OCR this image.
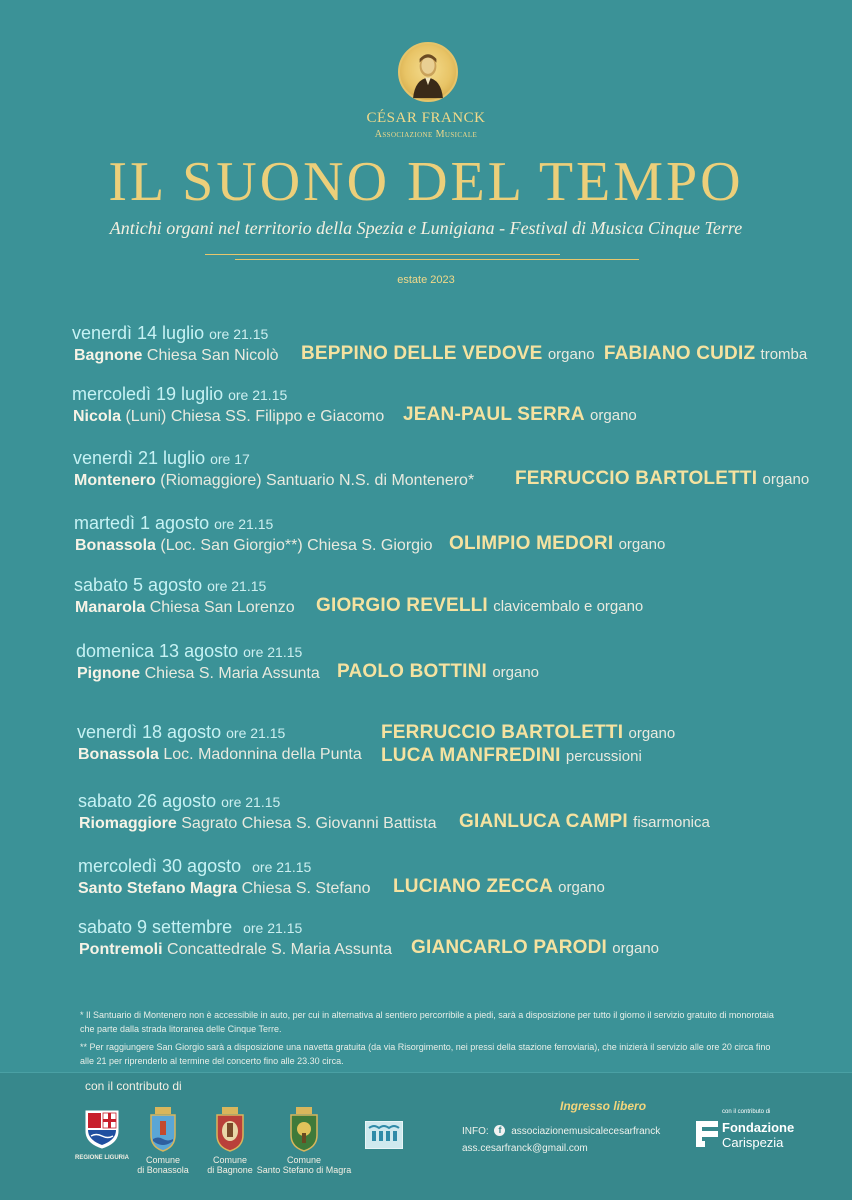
CÉSAR FRANCK
Associazione Musicale
IL SUONO DEL TEMPO
Antichi organi nel territorio della Spezia e Lunigiana - Festival di Musica Cinque Terre
estate 2023
venerdì 14 luglio ore 21.15
Bagnone Chiesa San Nicolò BEPPINO DELLE VEDOVE organo FABIANO CUDIZ tromba
mercoledì 19 luglio ore 21.15
Nicola (Luni) Chiesa SS. Filippo e Giacomo JEAN-PAUL SERRA organo
venerdì 21 luglio ore 17
Montenero (Riomaggiore) Santuario N.S. di Montenero* FERRUCCIO BARTOLETTI organo
martedì 1 agosto ore 21.15
Bonassola (Loc. San Giorgio**) Chiesa S. Giorgio OLIMPIO MEDORI organo
sabato 5 agosto ore 21.15
Manarola Chiesa San Lorenzo GIORGIO REVELLI clavicembalo e organo
domenica 13 agosto ore 21.15
Pignone Chiesa S. Maria Assunta PAOLO BOTTINI organo
venerdì 18 agosto ore 21.15
Bonassola Loc. Madonnina della Punta
FERRUCCIO BARTOLETTI organo
LUCA MANFREDINI percussioni
sabato 26 agosto ore 21.15
Riomaggiore Sagrato Chiesa S. Giovanni Battista GIANLUCA CAMPI fisarmonica
mercoledì 30 agosto ore 21.15
Santo Stefano Magra Chiesa S. Stefano LUCIANO ZECCA organo
sabato 9 settembre ore 21.15
Pontremoli Concattedrale S. Maria Assunta GIANCARLO PARODI organo

* Il Santuario di Montenero non è accessibile in auto, per cui in alternativa al sentiero percorribile a piedi, sarà a disposizione per tutto il giorno il servizio gratuito di monorotaia che parte dalla strada litoranea delle Cinque Terre.

** Per raggiungere San Giorgio sarà a disposizione una navetta gratuita (da via Risorgimento, nei pressi della stazione ferroviaria), che inizierà il servizio alle ore 20 circa fino alle 21 per riprenderlo al termine del concerto fino alle 23.30 circa.

con il contributo di
REGIONE LIGURIA	Comune
di Bonassola
Comune
di Bagnone
Comune
Santo Stefano di Magra
Ingresso libero
INFO: f associazionemusicalecesarfranck
ass.cesarfranck@gmail.com
con il contributo di
Fondazione
Carispezia
